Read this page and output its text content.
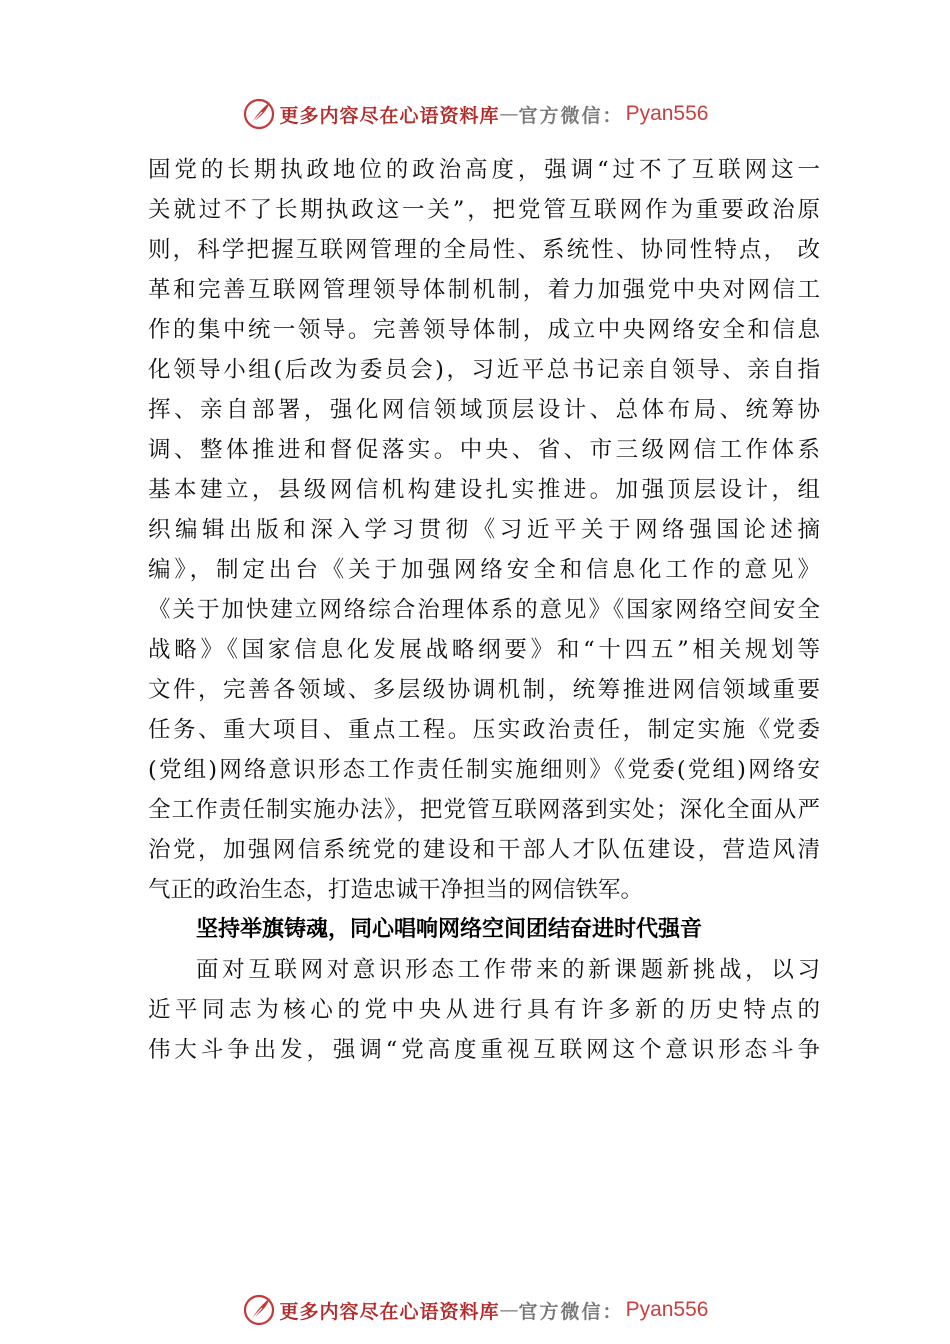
更多内容尽在心语资料库 — 官方微信： Pyan556

固党的长期执政地位的政治高度，强调“过不了互联网这一
关就过不了长期执政这一关”，把党管互联网作为重要政治原
则，科学把握互联网管理的全局性、系统性、协同性特点， 改
革和完善互联网管理领导体制机制，着力加强党中央对网信工
作的集中统一领导。完善领导体制，成立中央网络安全和信息
化领导小组(后改为委员会)，习近平总书记亲自领导、亲自指
挥、亲自部署，强化网信领域顶层设计、总体布局、统筹协
调、整体推进和督促落实。中央、省、市三级网信工作体系
基本建立，县级网信机构建设扎实推进。加强顶层设计，组
织编辑出版和深入学习贯彻《习近平关于网络强国论述摘
编》，制定出台《关于加强网络安全和信息化工作的意见》
《关于加快建立网络综合治理体系的意见》《国家网络空间安全
战略》《国家信息化发展战略纲要》和“十四五”相关规划等
文件，完善各领域、多层级协调机制，统筹推进网信领域重要
任务、重大项目、重点工程。压实政治责任，制定实施《党委
(党组)网络意识形态工作责任制实施细则》《党委(党组)网络安
全工作责任制实施办法》，把党管互联网落到实处；深化全面从严
治党，加强网信系统党的建设和干部人才队伍建设，营造风清
气正的政治生态，打造忠诚干净担当的网信铁军。

坚持举旗铸魂，同心唱响网络空间团结奋进时代强音

面对互联网对意识形态工作带来的新课题新挑战，以习
近平同志为核心的党中央从进行具有许多新的历史特点的
伟大斗争出发，强调“党高度重视互联网这个意识形态斗争

更多内容尽在心语资料库 — 官方微信： Pyan556
